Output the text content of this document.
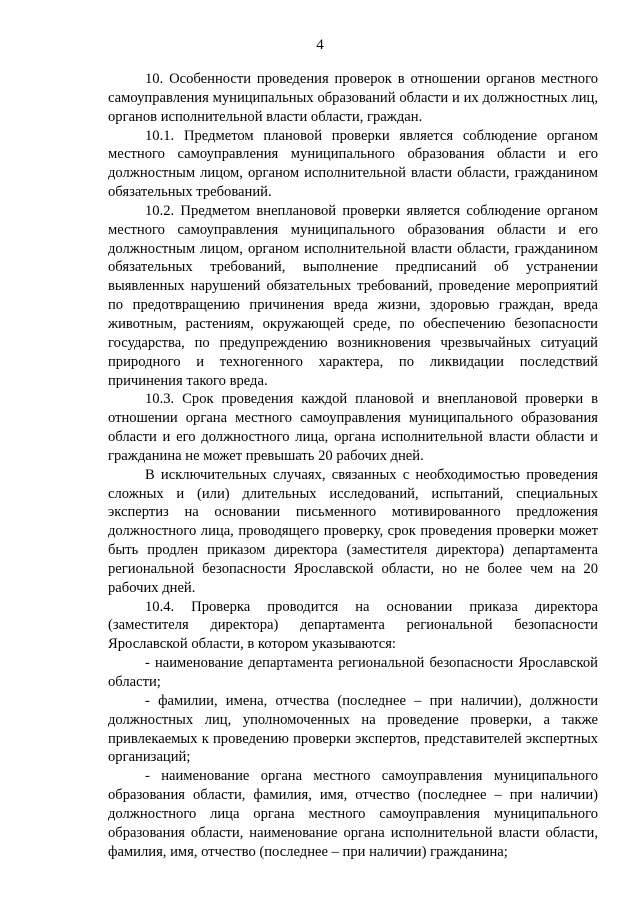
4

10. Особенности проведения проверок в отношении органов местного самоуправления муниципальных образований области и их должностных лиц, органов исполнительной власти области, граждан.

10.1. Предметом плановой проверки является соблюдение органом местного самоуправления муниципального образования области и его должностным лицом, органом исполнительной власти области, гражданином обязательных требований.

10.2. Предметом внеплановой проверки является соблюдение органом местного самоуправления муниципального образования области и его должностным лицом, органом исполнительной власти области, гражданином обязательных требований, выполнение предписаний об устранении выявленных нарушений обязательных требований, проведение мероприятий по предотвращению причинения вреда жизни, здоровью граждан, вреда животным, растениям, окружающей среде, по обеспечению безопасности государства, по предупреждению возникновения чрезвычайных ситуаций природного и техногенного характера, по ликвидации последствий причинения такого вреда.

10.3. Срок проведения каждой плановой и внеплановой проверки в отношении органа местного самоуправления муниципального образования области и его должностного лица, органа исполнительной власти области и гражданина не может превышать 20 рабочих дней.

В исключительных случаях, связанных с необходимостью проведения сложных и (или) длительных исследований, испытаний, специальных экспертиз на основании письменного мотивированного предложения должностного лица, проводящего проверку, срок проведения проверки может быть продлен приказом директора (заместителя директора) департамента региональной безопасности Ярославской области, но не более чем на 20 рабочих дней.

10.4. Проверка проводится на основании приказа директора (заместителя директора) департамента региональной безопасности Ярославской области, в котором указываются:

- наименование департамента региональной безопасности Ярославской области;

- фамилии, имена, отчества (последнее – при наличии), должности должностных лиц, уполномоченных на проведение проверки, а также привлекаемых к проведению проверки экспертов, представителей экспертных организаций;

- наименование органа местного самоуправления муниципального образования области, фамилия, имя, отчество (последнее – при наличии) должностного лица органа местного самоуправления муниципального образования области, наименование органа исполнительной власти области, фамилия, имя, отчество (последнее – при наличии) гражданина;
